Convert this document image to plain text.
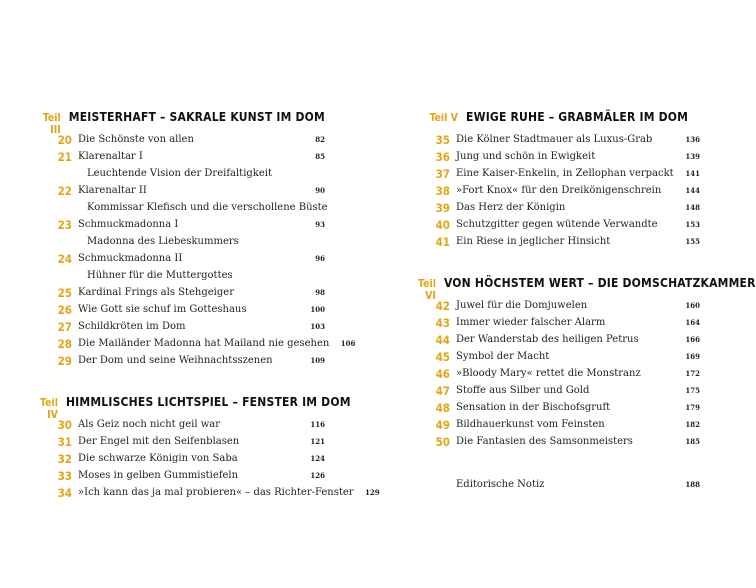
Teil III
MEISTERHAFT – SAKRALE KUNST IM DOM
20 Die Schönste von allen	82
21 Klarenaltar I	85
Leuchtende Vision der Dreifaltigkeit
22 Klarenaltar II	90
Kommissar Klefisch und die verschollene Büste
23 Schmuckmadonna I	93
Madonna des Liebeskummers
24 Schmuckmadonna II	96
Hühner für die Muttergottes
25 Kardinal Frings als Stehgeiger	98
26 Wie Gott sie schuf im Gotteshaus	100
27 Schildkröten im Dom	103
28 Die Mailänder Madonna hat Mailand nie gesehen	106
29 Der Dom und seine Weihnachtsszenen	109
Teil IV
HIMMLISCHES LICHTSPIEL – FENSTER IM DOM
30 Als Geiz noch nicht geil war	116
31 Der Engel mit den Seifenblasen	121
32 Die schwarze Königin von Saba	124
33 Moses in gelben Gummistiefeln	126
34 »Ich kann das ja mal probieren« – das Richter-Fenster	129
Teil V EWIGE RUHE – GRABMÄLER IM DOM
35 Die Kölner Stadtmauer als Luxus-Grab	136
36 Jung und schön in Ewigkeit	139
37 Eine Kaiser-Enkelin, in Zellophan verpackt	141
38 »Fort Knox« für den Dreikönigenschrein	144
39 Das Herz der Königin	148
40 Schutzgitter gegen wütende Verwandte	153
41 Ein Riese in jeglicher Hinsicht	155
Teil VI
VON HÖCHSTEM WERT – DIE DOMSCHATZKAMMER
42 Juwel für die Domjuwelen	160
43 Immer wieder falscher Alarm	164
44 Der Wanderstab des heiligen Petrus	166
45 Symbol der Macht	169
46 »Bloody Mary« rettet die Monstranz	172
47 Stoffe aus Silber und Gold	175
48 Sensation in der Bischofsgruft	179
49 Bildhauerkunst vom Feinsten	182
50 Die Fantasien des Samsonmeisters	185
Editorische Notiz	188
